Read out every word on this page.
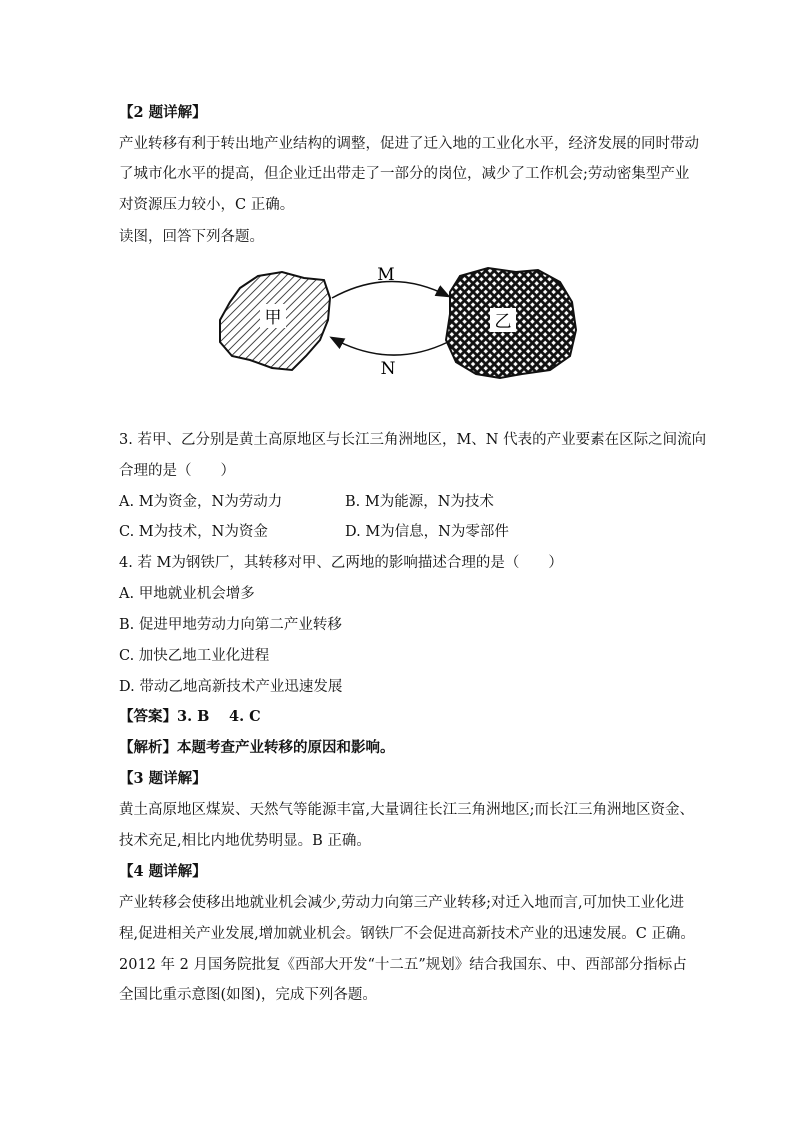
【2 题详解】
产业转移有利于转出地产业结构的调整，促进了迁入地的工业化水平，经济发展的同时带动
了城市化水平的提高，但企业迁出带走了一部分的岗位，减少了工作机会;劳动密集型产业
对资源压力较小，C 正确。
读图，回答下列各题。
甲	乙
M
N
3. 若甲、乙分别是黄土高原地区与长江三角洲地区，M、N 代表的产业要素在区际之间流向
合理的是（　　）
A. M为资金，N为劳动力	B. M为能源，N为技术
C. M为技术，N为资金	D. M为信息，N为零部件
4. 若 M为钢铁厂，其转移对甲、乙两地的影响描述合理的是（　　）
A. 甲地就业机会增多
B. 促进甲地劳动力向第二产业转移
C. 加快乙地工业化进程
D. 带动乙地高新技术产业迅速发展
【答案】3. B　 4. C
【解析】本题考查产业转移的原因和影响。
【3 题详解】
黄土高原地区煤炭、天然气等能源丰富,大量调往长江三角洲地区;而长江三角洲地区资金、
技术充足,相比内地优势明显。B 正确。
【4 题详解】
产业转移会使移出地就业机会减少,劳动力向第三产业转移;对迁入地而言,可加快工业化进
程,促进相关产业发展,增加就业机会。钢铁厂不会促进高新技术产业的迅速发展。C 正确。
2012 年 2 月国务院批复《西部大开发“十二五”规划》结合我国东、中、西部部分指标占
全国比重示意图(如图)，完成下列各题。
